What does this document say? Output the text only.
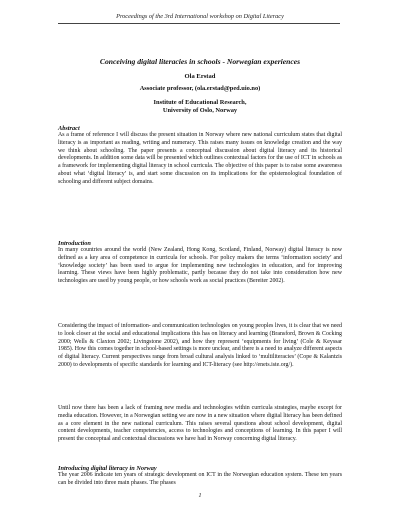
Proceedings of the 3rd International workshop on Digital Literacy
Conceiving digital literacies in schools - Norwegian experiences
Ola Erstad
Associate professor, (ola.erstad@ped.uio.no)
Institute of Educational Research,
University of Oslo, Norway
Abstract

As a frame of reference I will discuss the present situation in Norway where new national curriculum states that digital literacy is as important as reading, writing and numeracy. This raises many issues on knowledge creation and the way we think about schooling. The paper presents a conceptual discussion about digital literacy and its historical developments. In addition some data will be presented which outlines contextual factors for the use of ICT in schools as a framework for implementing digital literacy in school curricula. The objective of this paper is to raise some awareness about what ‘digital literacy’ is, and start some discussion on its implications for the epistemological foundation of schooling and different subject domains.

Introduction

In many countries around the world (New Zealand, Hong Kong, Scotland, Finland, Norway) digital literacy is now defined as a key area of competence in curricula for schools. For policy makers the terms ‘information society’ and ‘knowledge society’ has been used to argue for implementing new technologies in education, and for improving learning. These views have been highly problematic, partly because they do not take into consideration how new technologies are used by young people, or how schools work as social practices (Bereiter 2002).

Considering the impact of information- and communication technologies on young peoples lives, it is clear that we need to look closer at the social and educational implications this has on literacy and learning (Bransford, Brown & Cocking 2000; Wells & Claxton 2002; Livingstone 2002), and how they represent ‘equipments for living’ (Cole & Keyssar 1985). How this comes together in school-based settings is more unclear, and there is a need to analyze different aspects of digital literacy. Current perspectives range from broad cultural analysis linked to ‘multiliteracies’ (Cope & Kalantzis 2000) to developments of specific standards for learning and ICT-literacy (see http://enets.iste.org/).

Until now there has been a lack of framing new media and technologies within curricula strategies, maybe except for media education. However, in a Norwegian setting we are now in a new situation where digital literacy has been defined as a core element in the new national curriculum. This raises several questions about school development, digital content developments, teacher competencies, access to technologies and conceptions of learning. In this paper I will present the conceptual and contextual discussions we have had in Norway concerning digital literacy.

Introducing digital literacy in Norway

The year 2006 indicate ten years of strategic development on ICT in the Norwegian education system. These ten years can be divided into three main phases. The phases

1
